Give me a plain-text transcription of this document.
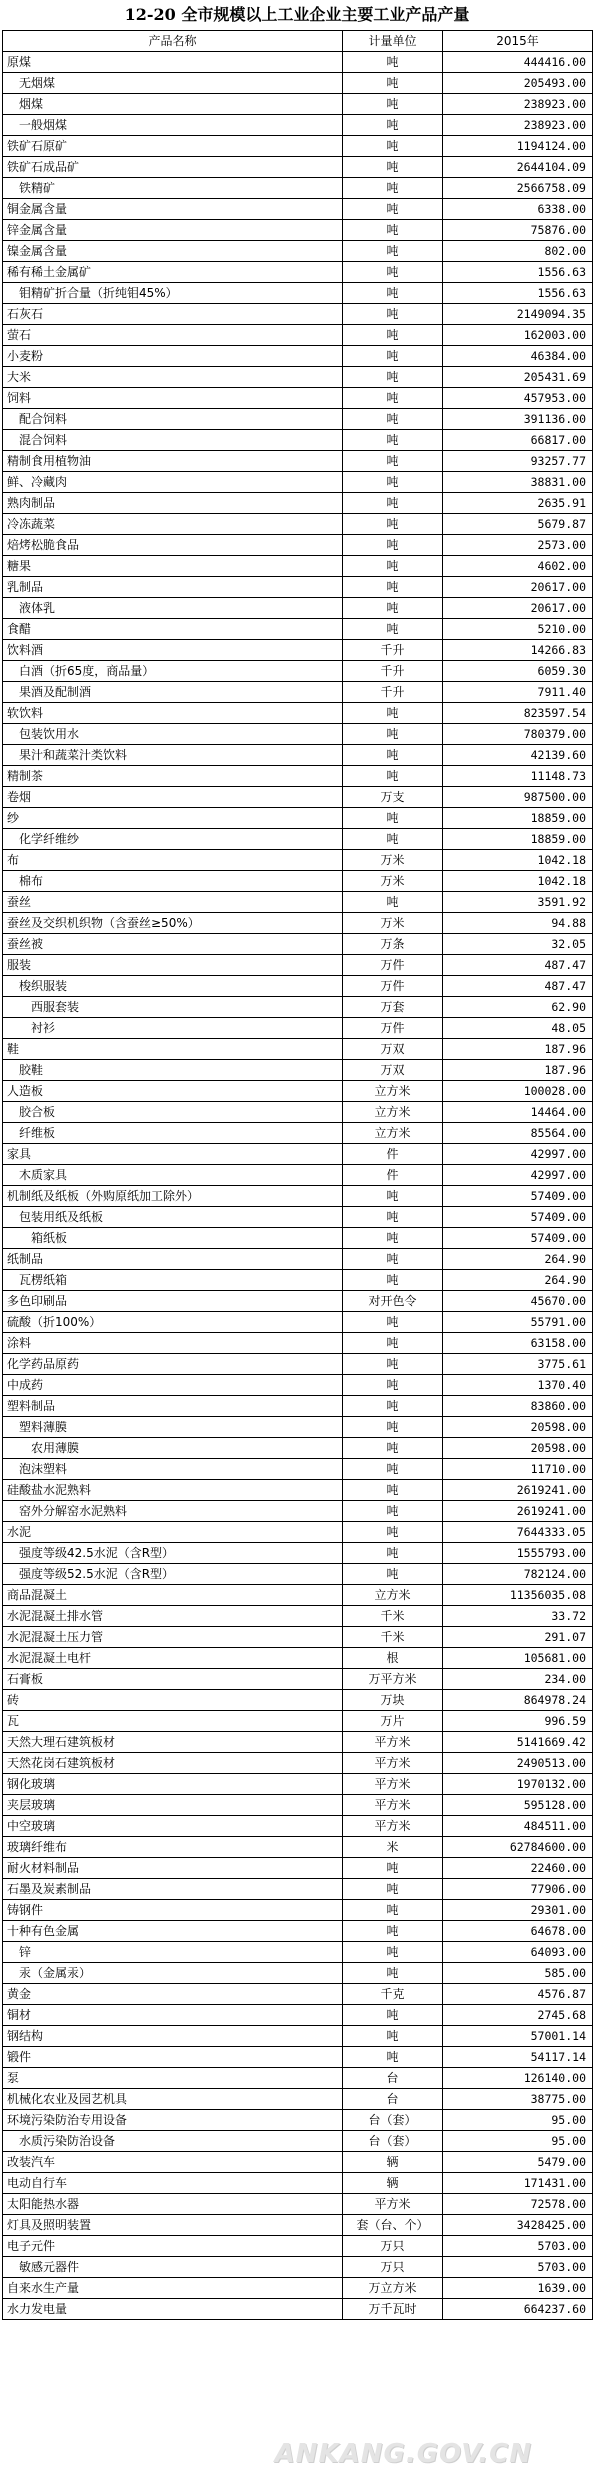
12-20 全市规模以上工业企业主要工业产品产量
产品名称	计量单位	2015年
原煤	吨	444416.00
无烟煤	吨	205493.00
烟煤	吨	238923.00
一般烟煤	吨	238923.00
铁矿石原矿	吨	1194124.00
铁矿石成品矿	吨	2644104.09
铁精矿	吨	2566758.09
铜金属含量	吨	6338.00
锌金属含量	吨	75876.00
镍金属含量	吨	802.00
稀有稀土金属矿	吨	1556.63
钼精矿折合量（折纯钼45%）	吨	1556.63
石灰石	吨	2149094.35
萤石	吨	162003.00
小麦粉	吨	46384.00
大米	吨	205431.69
饲料	吨	457953.00
配合饲料	吨	391136.00
混合饲料	吨	66817.00
精制食用植物油	吨	93257.77
鲜、冷藏肉	吨	38831.00
熟肉制品	吨	2635.91
冷冻蔬菜	吨	5679.87
焙烤松脆食品	吨	2573.00
糖果	吨	4602.00
乳制品	吨	20617.00
液体乳	吨	20617.00
食醋	吨	5210.00
饮料酒	千升	14266.83
白酒（折65度，商品量）	千升	6059.30
果酒及配制酒	千升	7911.40
软饮料	吨	823597.54
包装饮用水	吨	780379.00
果汁和蔬菜汁类饮料	吨	42139.60
精制茶	吨	11148.73
卷烟	万支	987500.00
纱	吨	18859.00
化学纤维纱	吨	18859.00
布	万米	1042.18
棉布	万米	1042.18
蚕丝	吨	3591.92
蚕丝及交织机织物（含蚕丝≥50%）	万米	94.88
蚕丝被	万条	32.05
服装	万件	487.47
梭织服装	万件	487.47
西服套装	万套	62.90
衬衫	万件	48.05
鞋	万双	187.96
胶鞋	万双	187.96
人造板	立方米	100028.00
胶合板	立方米	14464.00
纤维板	立方米	85564.00
家具	件	42997.00
木质家具	件	42997.00
机制纸及纸板（外购原纸加工除外）	吨	57409.00
包装用纸及纸板	吨	57409.00
箱纸板	吨	57409.00
纸制品	吨	264.90
瓦楞纸箱	吨	264.90
多色印刷品	对开色令	45670.00
硫酸（折100%）	吨	55791.00
涂料	吨	63158.00
化学药品原药	吨	3775.61
中成药	吨	1370.40
塑料制品	吨	83860.00
塑料薄膜	吨	20598.00
农用薄膜	吨	20598.00
泡沫塑料	吨	11710.00
硅酸盐水泥熟料	吨	2619241.00
窑外分解窑水泥熟料	吨	2619241.00
水泥	吨	7644333.05
强度等级42.5水泥（含R型）	吨	1555793.00
强度等级52.5水泥（含R型）	吨	782124.00
商品混凝土	立方米	11356035.08
水泥混凝土排水管	千米	33.72
水泥混凝土压力管	千米	291.07
水泥混凝土电杆	根	105681.00
石膏板	万平方米	234.00
砖	万块	864978.24
瓦	万片	996.59
天然大理石建筑板材	平方米	5141669.42
天然花岗石建筑板材	平方米	2490513.00
钢化玻璃	平方米	1970132.00
夹层玻璃	平方米	595128.00
中空玻璃	平方米	484511.00
玻璃纤维布	米	62784600.00
耐火材料制品	吨	22460.00
石墨及炭素制品	吨	77906.00
铸钢件	吨	29301.00
十种有色金属	吨	64678.00
锌	吨	64093.00
汞（金属汞）	吨	585.00
黄金	千克	4576.87
铜材	吨	2745.68
钢结构	吨	57001.14
锻件	吨	54117.14
泵	台	126140.00
机械化农业及园艺机具	台	38775.00
环境污染防治专用设备	台（套）	95.00
水质污染防治设备	台（套）	95.00
改装汽车	辆	5479.00
电动自行车	辆	171431.00
太阳能热水器	平方米	72578.00
灯具及照明装置	套（台、个）	3428425.00
电子元件	万只	5703.00
敏感元器件	万只	5703.00
自来水生产量	万立方米	1639.00
水力发电量	万千瓦时	664237.60
ANKANG.GOV.CN
